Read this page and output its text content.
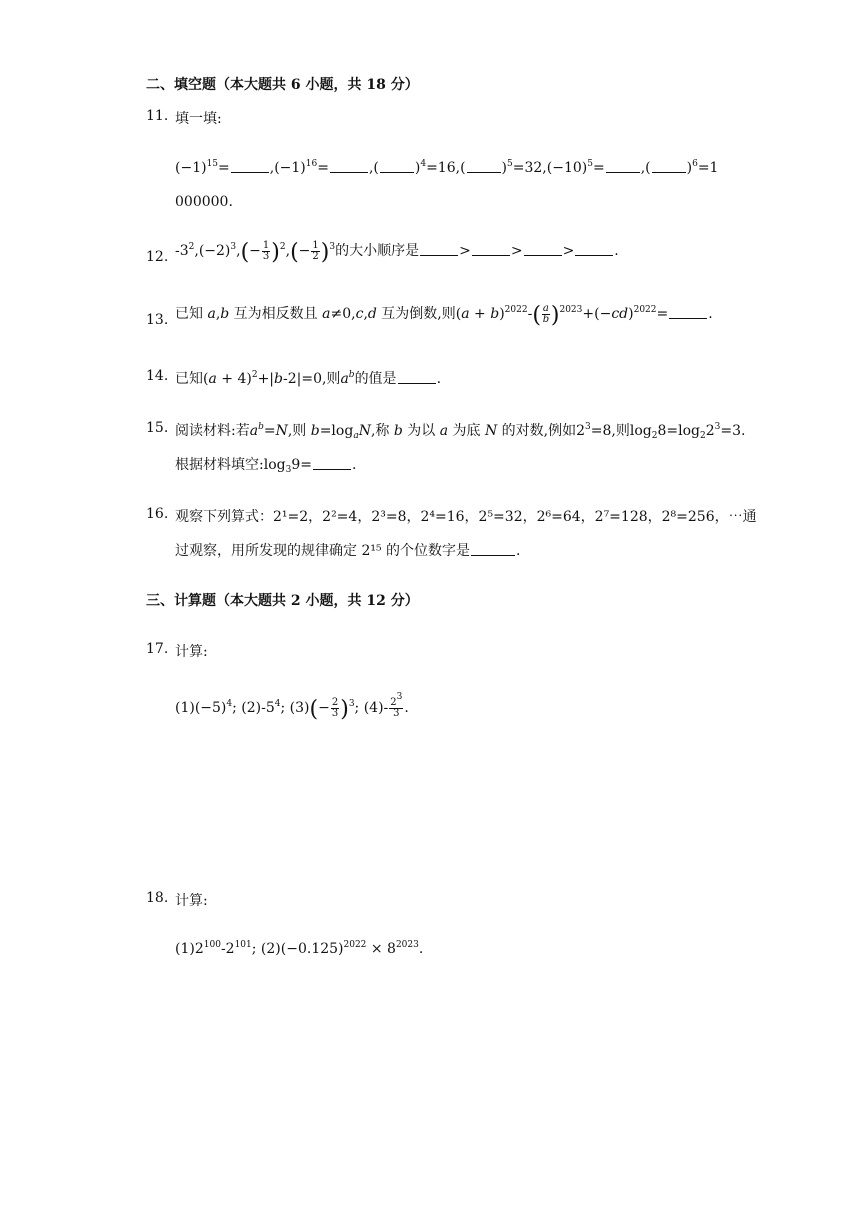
二、填空题（本大题共 6 小题，共 18 分）
11. 填一填:
$(-1)^{15}=$	$,(-1)^{16}=$	,(	)$^4$=16,(	)$^5=32,(-10)^5=$	,(	)$^6$=1
000000.
12. $-3^2,(-2)^3,(- \frac{1}{3} )^2,(- \frac{1}{2} )^3$的大小顺序是	>	>	>	.
13. 已知 a,b 互为相反数且 a≠0,c,d 互为倒数,则$(a + b)^{2022}-( \frac{a}{b} )^{2023}+(-cd)^{2022}=$	.
14. 已知$(a + 4)^2+|b-2|=0$,则$a^b$的值是	.
15. 阅读材料:若$a^b=N$,则 $b=\log_aN$,称 b 为以 a 为底 N 的对数,例如$2^3=8$,则$\log_28=\log_22^3=3$.
根据材料填空$:\log_39=$	.
16. 观察下列算式：2¹=2，2²=4，2³=8，2⁴=16，2⁵=32，2⁶=64，2⁷=128，2⁸=256，⋯通
过观察，用所发现的规律确定 2¹⁵ 的个位数字是	.
三、计算题（本大题共 2 小题，共 12 分）
17. 计算:
$(1)(-5)^4$; $(2)-5^4$; $(3)(- \frac{2}{3} )^3$; $(4)- \frac{2^3}{3}$ .
18. 计算:
$(1)2^{100}-2^{101}$; $(2)(-0.125)^{2022} \times 8^{2023}$.
